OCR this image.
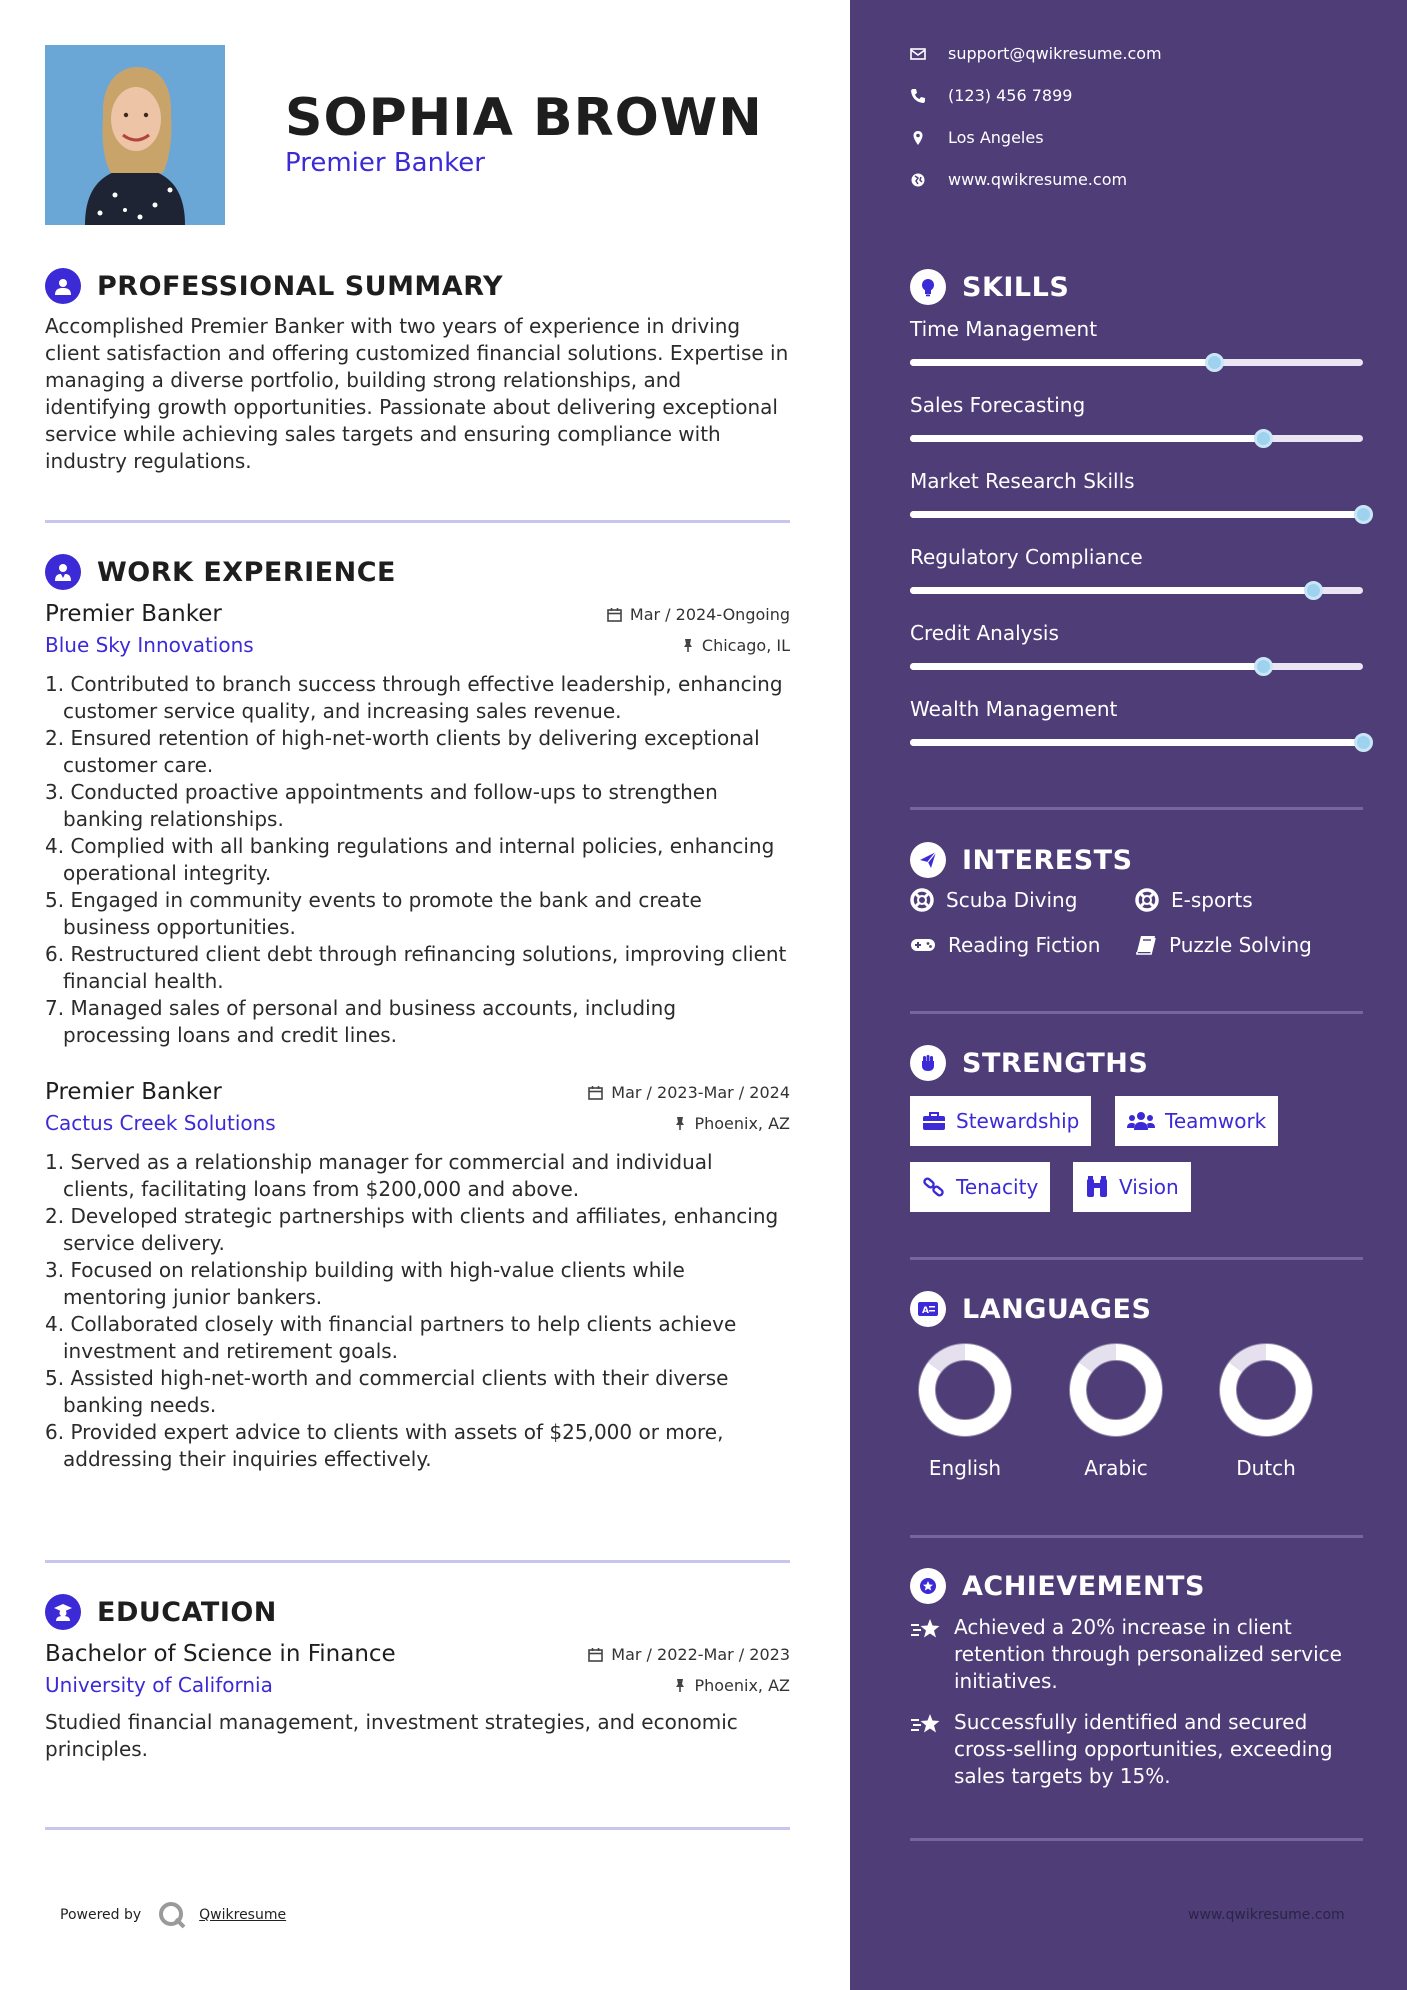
SOPHIA BROWN
Premier Banker
PROFESSIONAL SUMMARY
Accomplished Premier Banker with two years of experience in driving client satisfaction and offering customized financial solutions. Expertise in managing a diverse portfolio, building strong relationships, and identifying growth opportunities. Passionate about delivering exceptional service while achieving sales targets and ensuring compliance with industry regulations.
WORK EXPERIENCE
Premier Banker	Mar / 2024-Ongoing
Blue Sky Innovations	Chicago, IL
1. Contributed to branch success through effective leadership, enhancing customer service quality, and increasing sales revenue.
2. Ensured retention of high-net-worth clients by delivering exceptional customer care.
3. Conducted proactive appointments and follow-ups to strengthen banking relationships.
4. Complied with all banking regulations and internal policies, enhancing operational integrity.
5. Engaged in community events to promote the bank and create business opportunities.
6. Restructured client debt through refinancing solutions, improving client financial health.
7. Managed sales of personal and business accounts, including processing loans and credit lines.
Premier Banker	Mar / 2023-Mar / 2024
Cactus Creek Solutions	Phoenix, AZ
1. Served as a relationship manager for commercial and individual clients, facilitating loans from $200,000 and above.
2. Developed strategic partnerships with clients and affiliates, enhancing service delivery.
3. Focused on relationship building with high-value clients while mentoring junior bankers.
4. Collaborated closely with financial partners to help clients achieve investment and retirement goals.
5. Assisted high-net-worth and commercial clients with their diverse banking needs.
6. Provided expert advice to clients with assets of $25,000 or more, addressing their inquiries effectively.
EDUCATION
Bachelor of Science in Finance	Mar / 2022-Mar / 2023
University of California	Phoenix, AZ
Studied financial management, investment strategies, and economic principles.
Powered by	Qwikresume
support@qwikresume.com
(123) 456 7899
Los Angeles
www.qwikresume.com
SKILLS
Time Management
Sales Forecasting
Market Research Skills
Regulatory Compliance
Credit Analysis
Wealth Management
INTERESTS
Scuba Diving	E-sports
Reading Fiction	Puzzle Solving
STRENGTHS
Stewardship	Teamwork
Tenacity	Vision
A LANGUAGES
English	Arabic	Dutch
ACHIEVEMENTS
Achieved a 20% increase in client retention through personalized service initiatives.
Successfully identified and secured cross-selling opportunities, exceeding sales targets by 15%.
www.qwikresume.com
